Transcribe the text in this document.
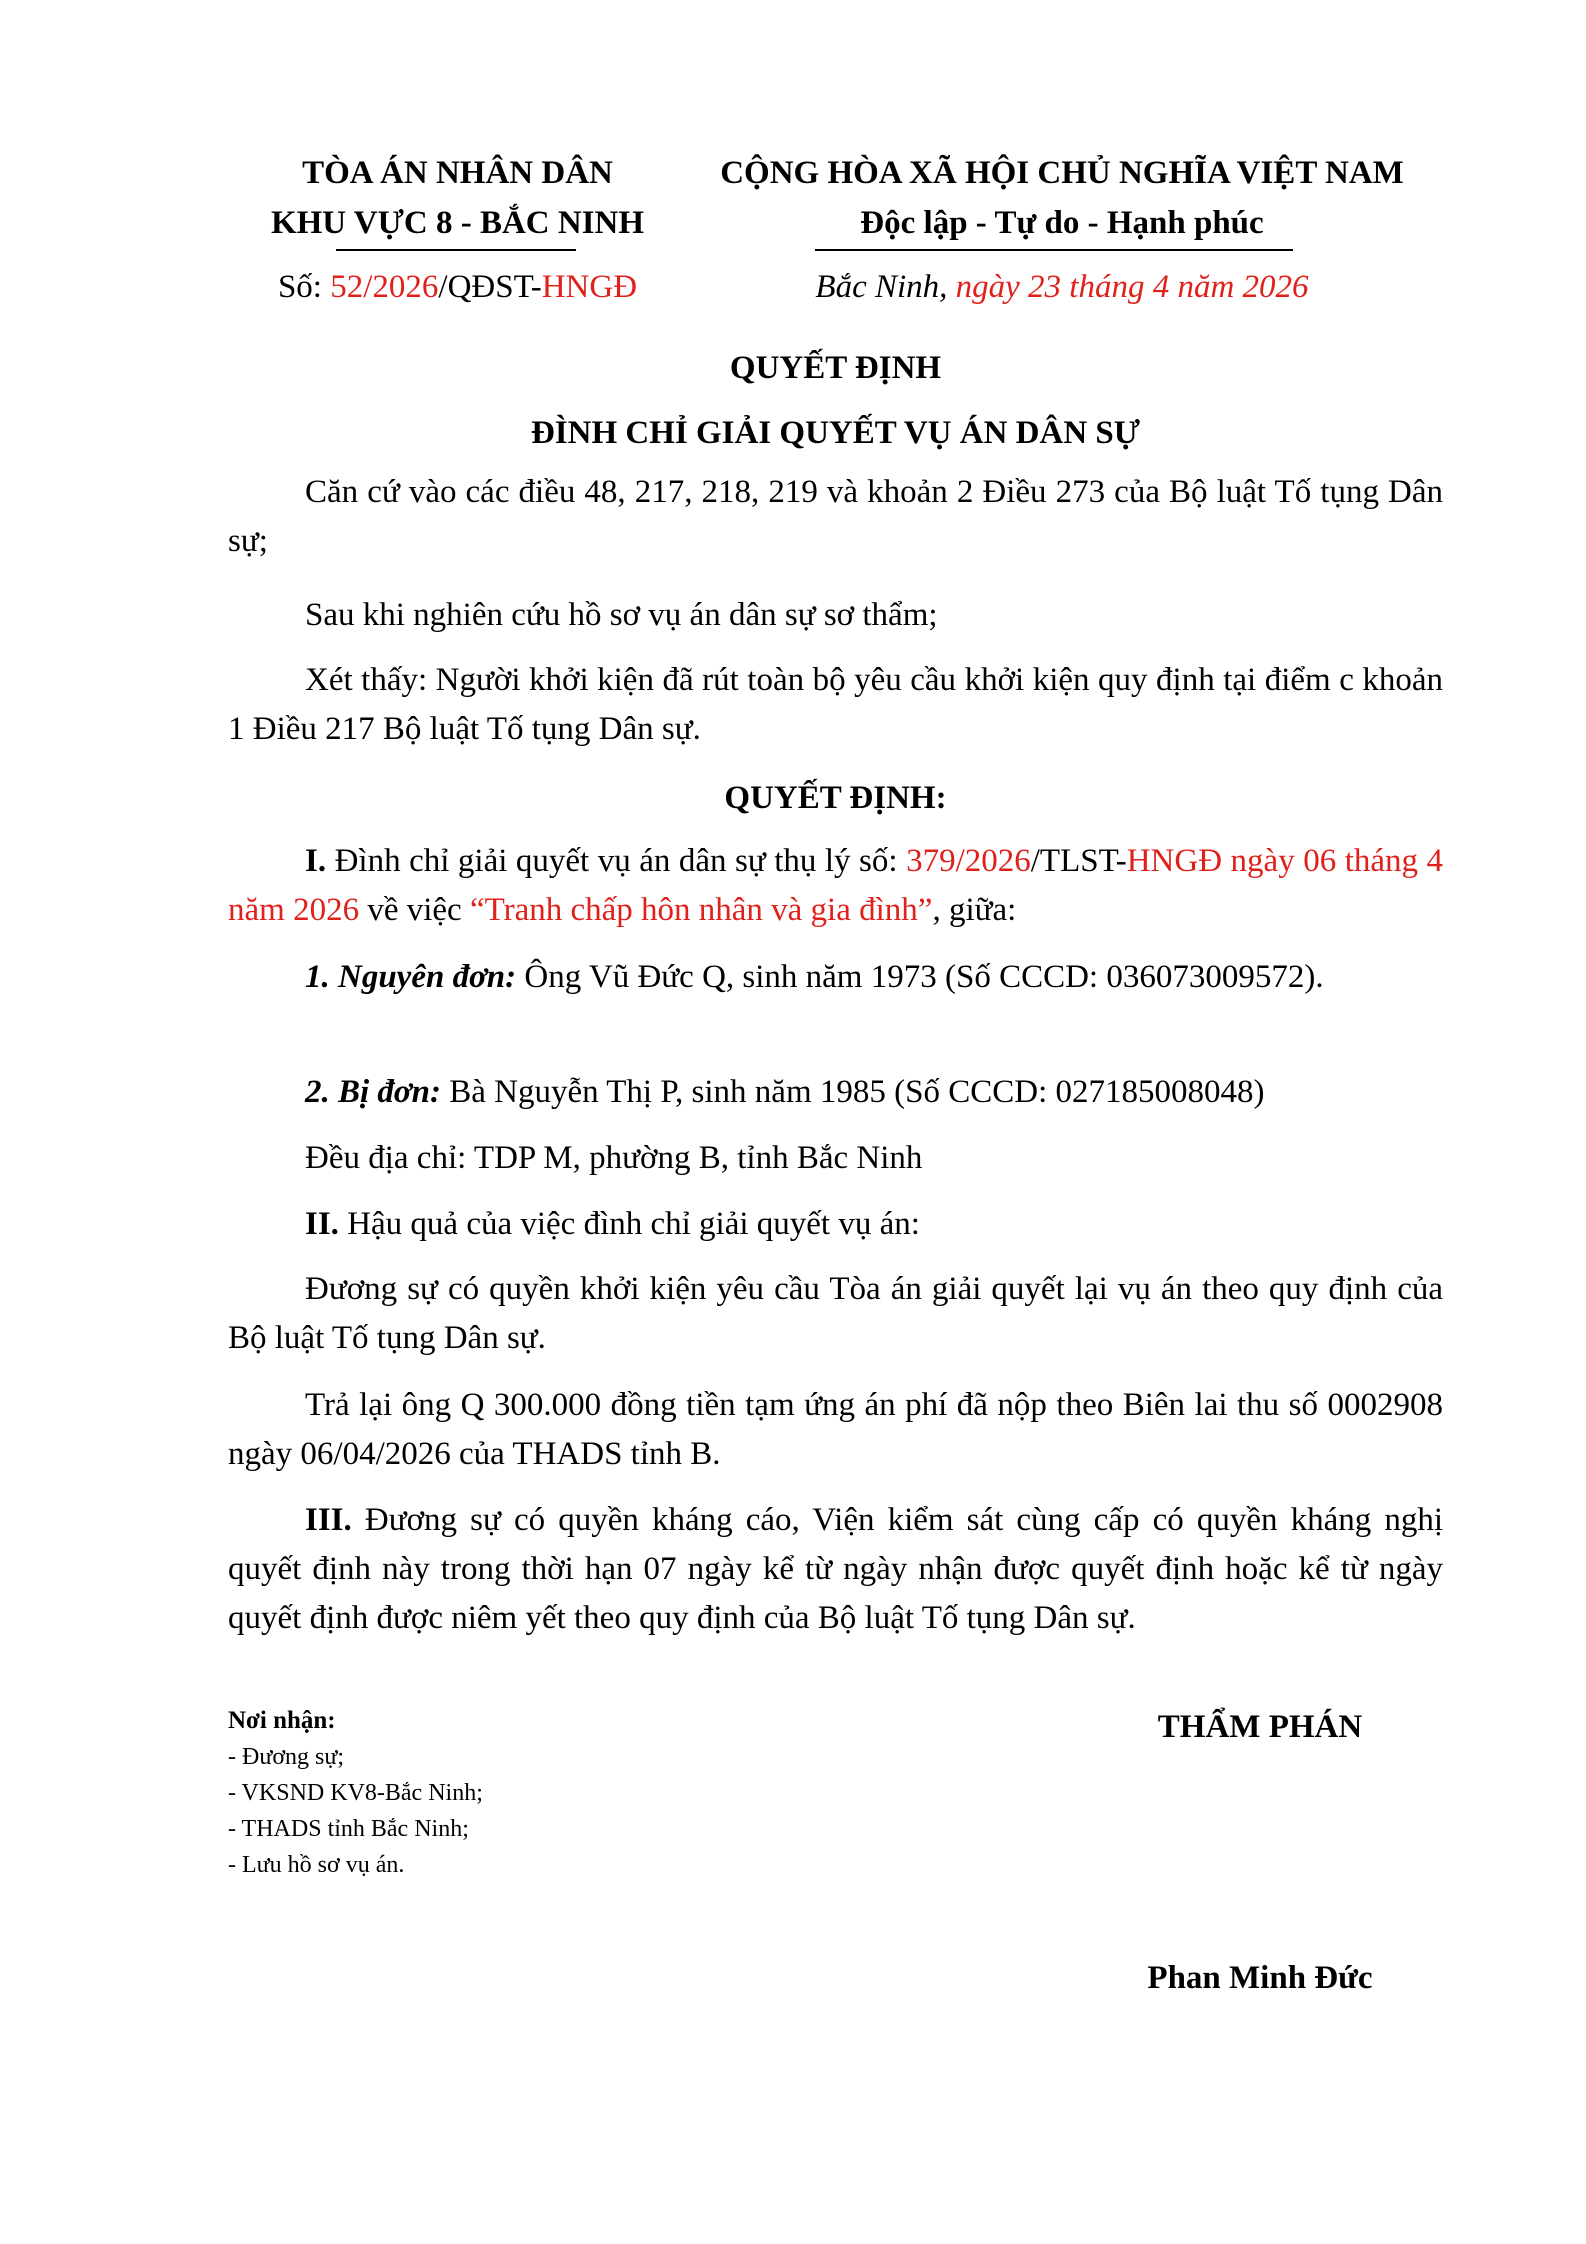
TÒA ÁN NHÂN DÂN
KHU VỰC 8 - BẮC NINH
CỘNG HÒA XÃ HỘI CHỦ NGHĨA VIỆT NAM
Độc lập - Tự do - Hạnh phúc
Số: 52/2026/QĐST-HNGĐ	Bắc Ninh, ngày 23 tháng 4 năm 2026
QUYẾT ĐỊNH
ĐÌNH CHỈ GIẢI QUYẾT VỤ ÁN DÂN SỰ

Căn cứ vào các điều 48, 217, 218, 219 và khoản 2 Điều 273 của Bộ luật Tố tụng Dân sự;

Sau khi nghiên cứu hồ sơ vụ án dân sự sơ thẩm;

Xét thấy: Người khởi kiện đã rút toàn bộ yêu cầu khởi kiện quy định tại điểm c khoản 1 Điều 217 Bộ luật Tố tụng Dân sự.

QUYẾT ĐỊNH:

I. Đình chỉ giải quyết vụ án dân sự thụ lý số: 379/2026/TLST-HNGĐ ngày 06 tháng 4 năm 2026 về việc “Tranh chấp hôn nhân và gia đình”, giữa:

1. Nguyên đơn: Ông Vũ Đức Q, sinh năm 1973 (Số CCCD: 036073009572).

2. Bị đơn: Bà Nguyễn Thị P, sinh năm 1985 (Số CCCD: 027185008048)

Đều địa chỉ: TDP M, phường B, tỉnh Bắc Ninh

II. Hậu quả của việc đình chỉ giải quyết vụ án:

Đương sự có quyền khởi kiện yêu cầu Tòa án giải quyết lại vụ án theo quy định của Bộ luật Tố tụng Dân sự.

Trả lại ông Q 300.000 đồng tiền tạm ứng án phí đã nộp theo Biên lai thu số 0002908 ngày 06/04/2026 của THADS tỉnh B.

III. Đương sự có quyền kháng cáo, Viện kiểm sát cùng cấp có quyền kháng nghị quyết định này trong thời hạn 07 ngày kể từ ngày nhận được quyết định hoặc kể từ ngày quyết định được niêm yết theo quy định của Bộ luật Tố tụng Dân sự.

Nơi nhận:
- Đương sự;
- VKSND KV8-Bắc Ninh;
- THADS tỉnh Bắc Ninh;
- Lưu hồ sơ vụ án.
THẨM PHÁN
Phan Minh Đức
